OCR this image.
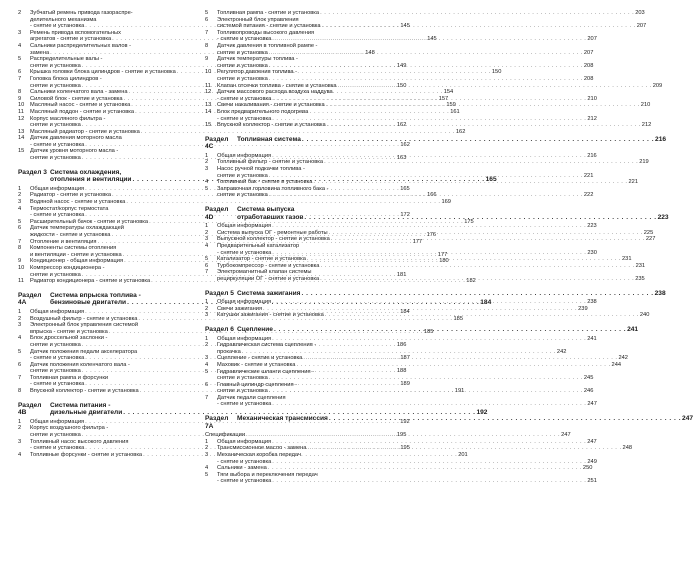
2	Зубчатый ремень привода газораспре-
делительного механизма
- снятие и установка . . .	145
3	Ремень привода вспомогательных
агрегатов - снятие и установка . . .	145
4	Сальники распределительных валов -
замена . . .	148
5	Распределительные валы -
снятие и установка . . .	149
6	Крышка головки блока цилиндров - снятие и установка . . .	150
7	Головка блока цилиндров -
снятие и установка . . .	150
8	Сальники коленчатого вала - замена . . .	154
9	Силовой блок - снятие и установка . . .	157
10 Масляный насос - снятие и установка . . .	159
11	Масляный поддон - снятие и установка . . .	161
12 Корпус масляного фильтра -
снятие и установка . . .	162
13 Масляный радиатор - снятие и установка . . .	162
14 Датчик давления моторного масла
- снятие и установка . . .	162
15 Датчик уровня моторного масла -
снятие и установка . . .	163
Раздел 3 Система охлаждения,
отопления и вентиляции . . .	165
1	Общая информация . . .	165
2	Радиатор - снятие и установка . . .	166
3	Водяной насос - снятие и установка . . .	169
4	Термостат/корпус термостата
- снятие и установка . . .	172
5	Расширительный бачок - снятие и установка . . .	175
6	Датчик температуры охлаждающей
жидкости - снятие и установка . . .	176
7	Отопление и вентиляция . . .	177
8	Компоненты системы отопления
и вентиляции - снятие и установка . . .	177
9	Кондиционер - общая информация . . .	180
10 Компрессор кондиционера -
снятие и установка . . .	181
11	Радиатор кондиционера - снятие и установка . . .	182
Раздел 4A
Система впрыска топлива -
бензиновые двигатели . . .	184
1	Общая информация . . .	184
2	Воздушный фильтр - снятие и установка . . .	185
3	Электронный блок управления системой
впрыска - снятие и установка . . .	185
4	Блок дроссельной заслонки -
снятие и установка . . .	186
5	Датчик положения педали акселератора
- снятие и установка . . .	187
6	Датчик положения коленчатого вала -
снятие и установка . . .	188
7	Топливная рампа и форсунки
- снятие и установка . . .	189
8	Впускной коллектор - снятие и установка . . .	191
Раздел 4B
Система питания -
дизельные двигатели . . .	192
1	Общая информация . . .	192
2	Корпус воздушного фильтра -
снятие и установка . . .	195
3	Топливный насос высокого давления
- снятие и установка . . .	195
4	Топливные форсунки - снятие и установка . . .	201
5	Топливная рампа - снятие и установка . . .	203
6	Электронный блок управления
системой питания - снятие и установка . . .	207
7	Топливопроводы высокого давления
- снятие и установка . . .	207
8	Датчик давления в топливной рампе -
снятие и установка . . .	207
9	Датчик температуры топлива -
снятие и установка . . .	208
10 Регулятор давления топлива -
снятие и установка . . .	208
11	Клапан отсечки топлива - снятие и установка . . .	209
12 Датчик массового расхода воздуха наддува
- снятие и установка . . .	210
13 Свечи накаливания - снятие и установка . . .	210
14 Блок предварительного подогрева
- снятие и установка . . .	212
15 Впускной коллектор - снятие и установка . . .	212
Раздел 4C
Топливная система . . .	216
1	Общая информация . . .	216
2	Топливный фильтр - снятие и установка . . .	219
3	Насос ручной подкачки топлива -
снятие и установка . . .	221
4	Топливный бак - снятие и установка . . .	221
5	Заправочная горловина топливного бака -
снятие и установка . . .	222
Раздел 4D
Система выпуска
отработавших газов . . .	223
1	Общая информация . . .	223
2	Система выпуска ОГ - ремонтные работы . . .	225
3	Выпускной коллектор - снятие и установка . . .	227
4	Предварительный катализатор
- снятие и установка . . .	230
5	Катализатор - снятие и установка . . .	231
6	Турбокомпрессор - снятие и установка . . .	231
7	Электромагнитный клапан системы
рециркуляции ОГ - снятие и установка . . .	235
Раздел 5 Система зажигания . . .	238
1	Общая информация . . .	238
2	Свечи зажигания . . .	239
3	Катушки зажигания - снятие и установка . . .	240
Раздел 6 Сцепление . . .	241
1	Общая информация . . .	241
2	Гидравлическая система сцепления -
прокачка . . .	242
3	Сцепление - снятие и установка . . .	242
4	Маховик - снятие и установка . . .	244
5	Гидравлические шланги сцепления -
снятие и установка . . .	245
6	Главный цилиндр сцепления -
снятие и установка . . .	246
7	Датчик педали сцепления
- снятие и установка . . .	247
Раздел 7A
Механическая трансмиссия . . .	247
Спецификации . . .	247
1	Общая информация . . .	247
2	Трансмиссионное масло - замена . . .	248
3	Механическая коробка передач
- снятие и установка . . .	249
4	Сальники - замена . . .	250
5	Тяги выбора и переключения передач
- снятие и установка . . .	251
